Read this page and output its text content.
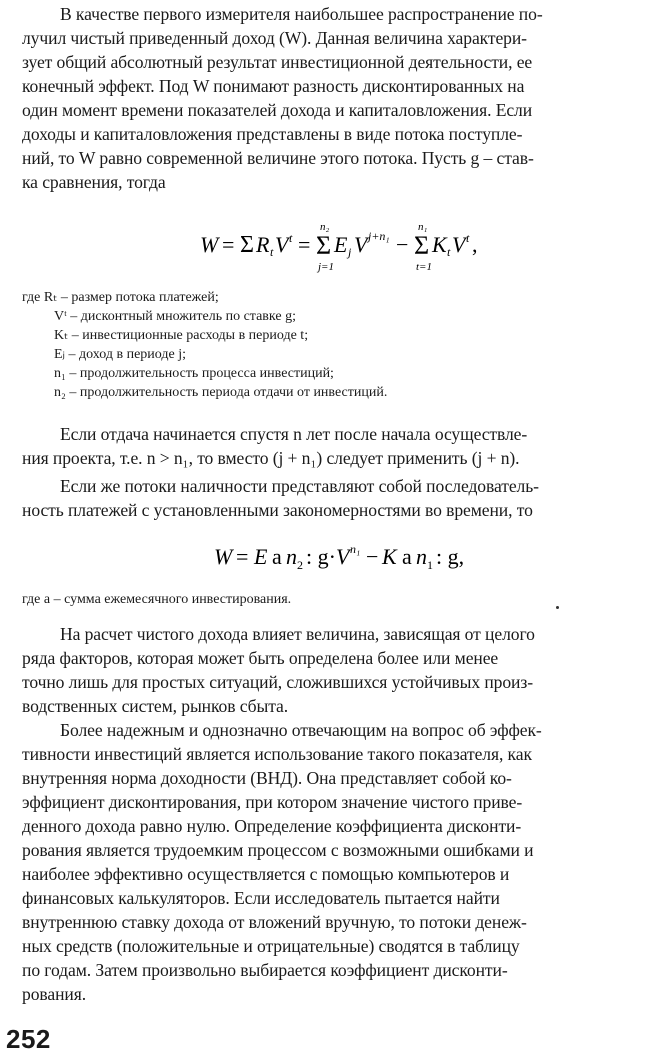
В качестве первого измерителя наибольшее распространение по-
лучил чистый приведенный доход (W). Данная величина характери-
зует общий абсолютный результат инвестиционной деятельности, ее
конечный эффект. Под W понимают разность дисконтированных на
один момент времени показателей дохода и капиталовложения. Если
доходы и капиталовложения представлены в виде потока поступле-
ний, то W равно современной величине этого потока. Пусть g – став-
ка сравнения, тогда
W = Σ R t V t =
n₂
Σ
j=1
E j V j+n₁ −
n₁
Σ
t=1
K t V t ,
где Rₜ – размер потока платежей;
Vᵗ – дисконтный множитель по ставке g;
Kₜ – инвестиционные расходы в периоде t;
Eⱼ – доход в периоде j;
n₁ – продолжительность процесса инвестиций;
n₂ – продолжительность периода отдачи от инвестиций.
Если отдача начинается спустя n лет после начала осуществле-
ния проекта, т.е. n > n₁, то вместо (j + n₁) следует применить (j + n).
Если же потоки наличности представляют собой последователь-
ность платежей с установленными закономерностями во времени, то
W = E a n 2 : g· V n₁ − K a n 1 : g,
где a – сумма ежемесячного инвестирования.
На расчет чистого дохода влияет величина, зависящая от целого
ряда факторов, которая может быть определена более или менее
точно лишь для простых ситуаций, сложившихся устойчивых произ-
водственных систем, рынков сбыта.
Более надежным и однозначно отвечающим на вопрос об эффек-
тивности инвестиций является использование такого показателя, как
внутренняя норма доходности (ВНД). Она представляет собой ко-
эффициент дисконтирования, при котором значение чистого приве-
денного дохода равно нулю. Определение коэффициента дисконти-
рования является трудоемким процессом с возможными ошибками и
наиболее эффективно осуществляется с помощью компьютеров и
финансовых калькуляторов. Если исследователь пытается найти
внутреннюю ставку дохода от вложений вручную, то потоки денеж-
ных средств (положительные и отрицательные) сводятся в таблицу
по годам. Затем произвольно выбирается коэффициент дисконти-
рования.
252
